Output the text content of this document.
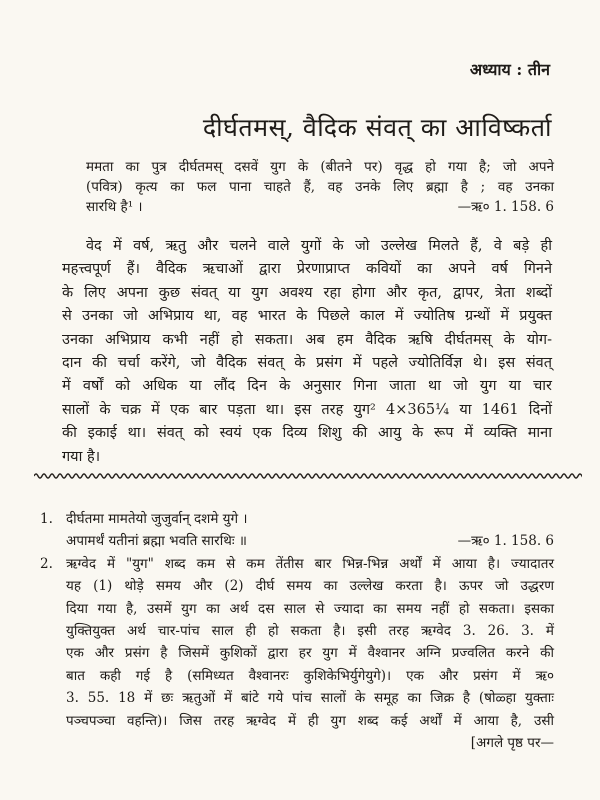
अध्याय : तीन
दीर्घतमस्, वैदिक संवत् का आविष्कर्ता
ममता का पुत्र दीर्घतमस् दसवें युग के (बीतने पर) वृद्ध हो गया है; जो अपने
(पवित्र) कृत्य का फल पाना चाहते हैं, वह उनके लिए ब्रह्मा है ; वह उनका
सारथि है¹ ।	—ऋ० 1. 158. 6
वेद में वर्ष, ऋतु और चलने वाले युगों के जो उल्लेख मिलते हैं, वे बड़े ही
महत्त्वपूर्ण हैं। वैदिक ऋचाओं द्वारा प्रेरणाप्राप्त कवियों का अपने वर्ष गिनने
के लिए अपना कुछ संवत् या युग अवश्य रहा होगा और कृत, द्वापर, त्रेता शब्दों
से उनका जो अभिप्राय था, वह भारत के पिछले काल में ज्योतिष ग्रन्थों में प्रयुक्त
उनका अभिप्राय कभी नहीं हो सकता। अब हम वैदिक ऋषि दीर्घतमस् के योग-
दान की चर्चा करेंगे, जो वैदिक संवत् के प्रसंग में पहले ज्योतिर्विज्ञ थे। इस संवत्
में वर्षों को अधिक या लौंद दिन के अनुसार गिना जाता था जो युग या चार
सालों के चक्र में एक बार पड़ता था। इस तरह युग² 4×365¼ या 1461 दिनों
की इकाई था। संवत् को स्वयं एक दिव्य शिशु की आयु के रूप में व्यक्ति माना
गया है।
1. दीर्घतमा मामतेयो जुजुर्वान् दशमे युगे ।
अपामर्थं यतीनां ब्रह्मा भवति सारथिः ॥	—ऋ० 1. 158. 6
2. ऋग्वेद में "युग" शब्द कम से कम तेंतीस बार भिन्न-भिन्न अर्थों में आया है। ज्यादातर
यह (1) थोड़े समय और (2) दीर्घ समय का उल्लेख करता है। ऊपर जो उद्धरण
दिया गया है, उसमें युग का अर्थ दस साल से ज्यादा का समय नहीं हो सकता। इसका
युक्तियुक्त अर्थ चार-पांच साल ही हो सकता है। इसी तरह ऋग्वेद 3. 26. 3. में
एक और प्रसंग है जिसमें कुशिकों द्वारा हर युग में वैश्वानर अग्नि प्रज्वलित करने की
बात कही गई है (समिध्यत वैश्वानरः कुशिकेभिर्युगेयुगे)। एक और प्रसंग में ऋ०
3. 55. 18 में छः ऋतुओं में बांटे गये पांच सालों के समूह का जिक्र है (षोळ्हा युक्ताः
पञ्चपञ्चा वहन्ति)। जिस तरह ऋग्वेद में ही युग शब्द कई अर्थों में आया है, उसी
[अगले पृष्ठ पर—
